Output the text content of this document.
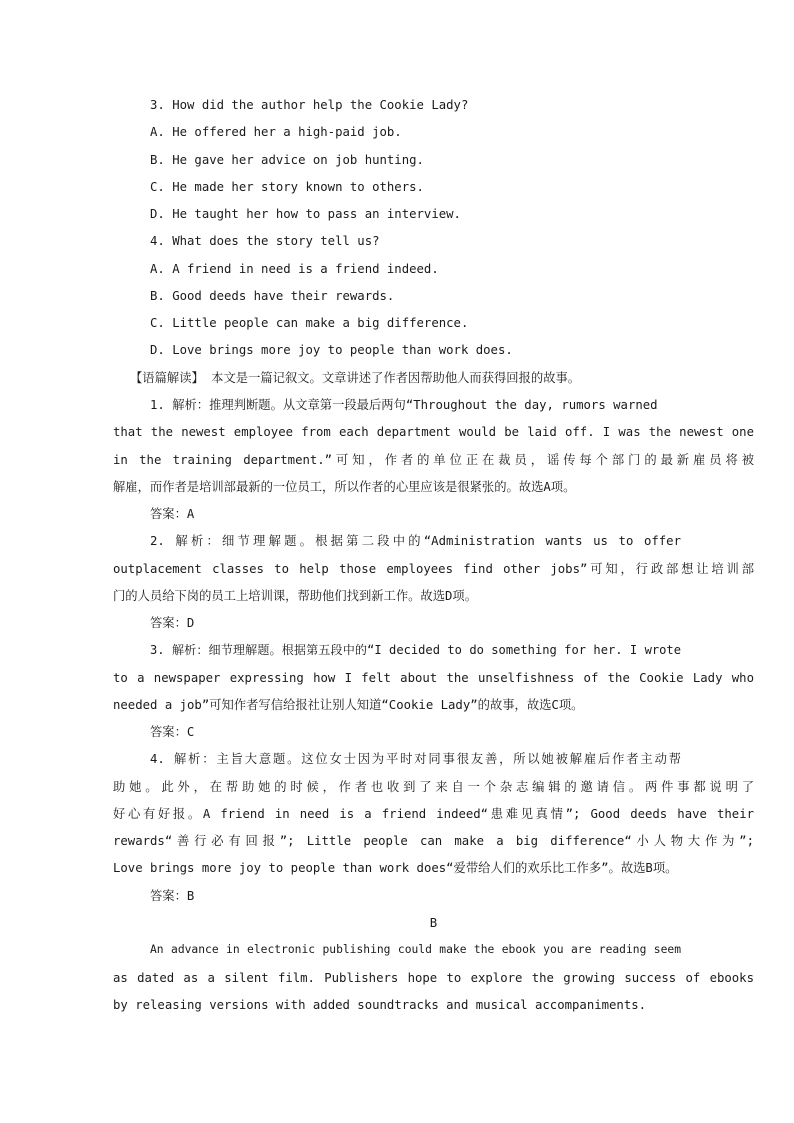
3. How did the author help the Cookie Lady?
A. He offered her a high-paid job.
B. He gave her advice on job hunting.
C. He made her story known to others.
D. He taught her how to pass an interview.
4. What does the story tell us?
A. A friend in need is a friend indeed.
B. Good deeds have their rewards.
C. Little people can make a big difference.
D. Love brings more joy to people than work does.
【语篇解读】 本文是一篇记叙文。文章讲述了作者因帮助他人而获得回报的故事。
1. 解析：推理判断题。从文章第一段最后两句“Throughout the day, rumors warned
that the newest employee from each department would be laid off. I was the newest one
in the training department.”可知，作者的单位正在裁员，谣传每个部门的最新雇员将被
解雇，而作者是培训部最新的一位员工，所以作者的心里应该是很紧张的。故选A项。
答案：A
2. 解析：细节理解题。根据第二段中的“Administration wants us to offer
outplacement classes to help those employees find other jobs”可知，行政部想让培训部
门的人员给下岗的员工上培训课，帮助他们找到新工作。故选D项。
答案：D
3. 解析：细节理解题。根据第五段中的“I decided to do something for her. I wrote
to a newspaper expressing how I felt about the unselfishness of the Cookie Lady who
needed a job”可知作者写信给报社让别人知道“Cookie Lady”的故事，故选C项。
答案：C
4. 解析：主旨大意题。这位女士因为平时对同事很友善，所以她被解雇后作者主动帮
助她。此外，在帮助她的时候，作者也收到了来自一个杂志编辑的邀请信。两件事都说明了
好心有好报。A friend in need is a friend indeed“患难见真情”; Good deeds have their
rewards“善行必有回报”; Little people can make a big difference“小人物大作为”;
Love brings more joy to people than work does“爱带给人们的欢乐比工作多”。故选B项。
答案：B
B
An advance in electronic publishing could make the ebook you are reading seem
as dated as a silent film. Publishers hope to explore the growing success of ebooks
by releasing versions with added soundtracks and musical accompaniments.
